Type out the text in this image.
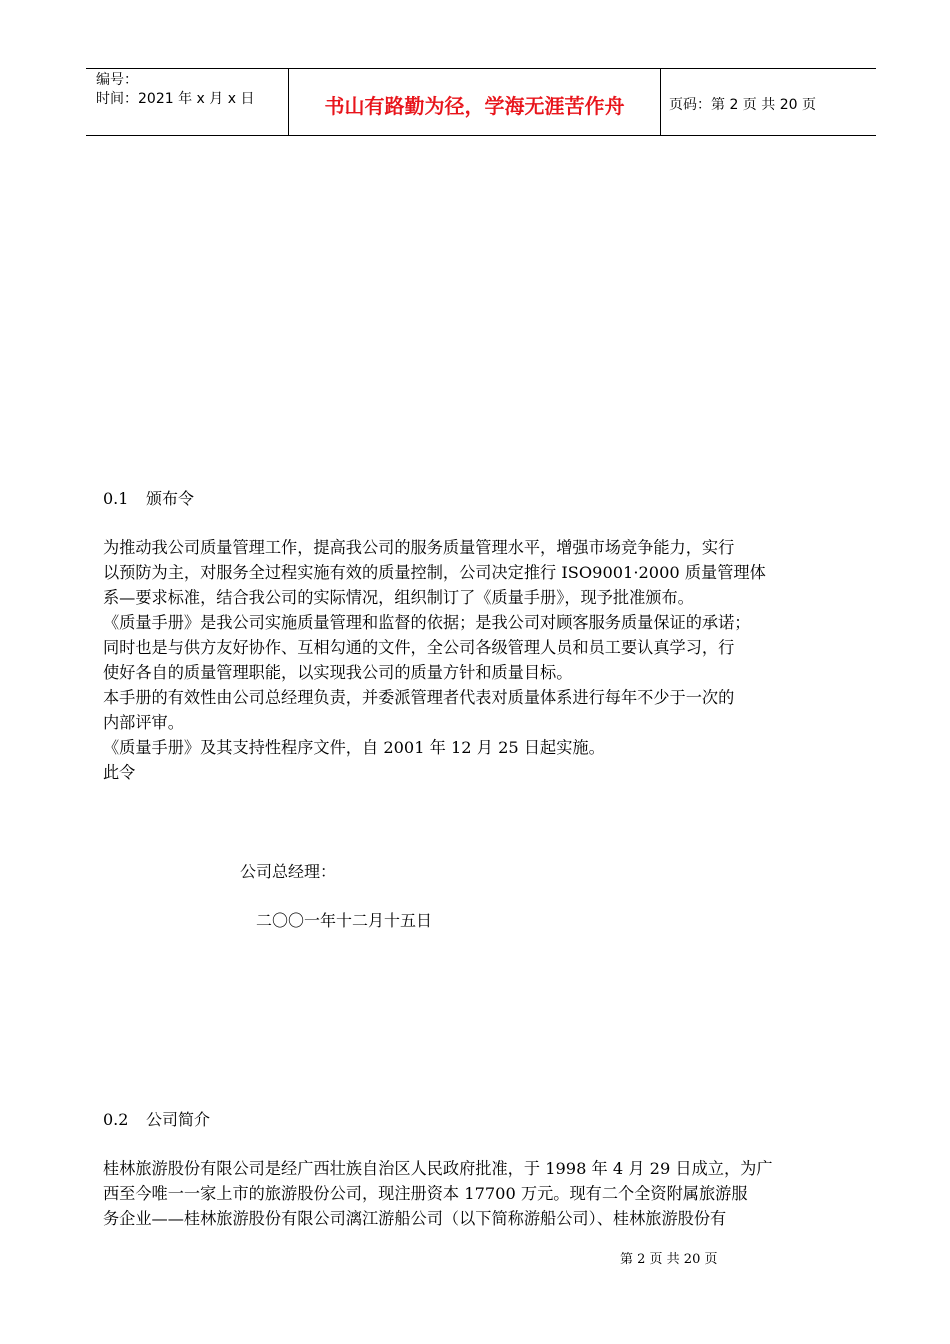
编号：
时间：2021 年 x 月 x 日	书山有路勤为径，学海无涯苦作舟	页码：第 2 页 共 20 页
0.1 颁布令
为推动我公司质量管理工作，提高我公司的服务质量管理水平，增强市场竞争能力，实行
以预防为主，对服务全过程实施有效的质量控制，公司决定推行 ISO9001·2000 质量管理体
系—要求标准，结合我公司的实际情况，组织制订了《质量手册》，现予批准颁布。
《质量手册》是我公司实施质量管理和监督的依据；是我公司对顾客服务质量保证的承诺；
同时也是与供方友好协作、互相勾通的文件，全公司各级管理人员和员工要认真学习，行
使好各自的质量管理职能，以实现我公司的质量方针和质量目标。
本手册的有效性由公司总经理负责，并委派管理者代表对质量体系进行每年不少于一次的
内部评审。
《质量手册》及其支持性程序文件，自 2001 年 12 月 25 日起实施。
此令
公司总经理：
二〇〇一年十二月十五日
0.2 公司简介
桂林旅游股份有限公司是经广西壮族自治区人民政府批准，于 1998 年 4 月 29 日成立，为广
西至今唯一一家上市的旅游股份公司，现注册资本 17700 万元。现有二个全资附属旅游服
务企业——桂林旅游股份有限公司漓江游船公司（以下简称游船公司）、桂林旅游股份有
第 2 页 共 20 页
